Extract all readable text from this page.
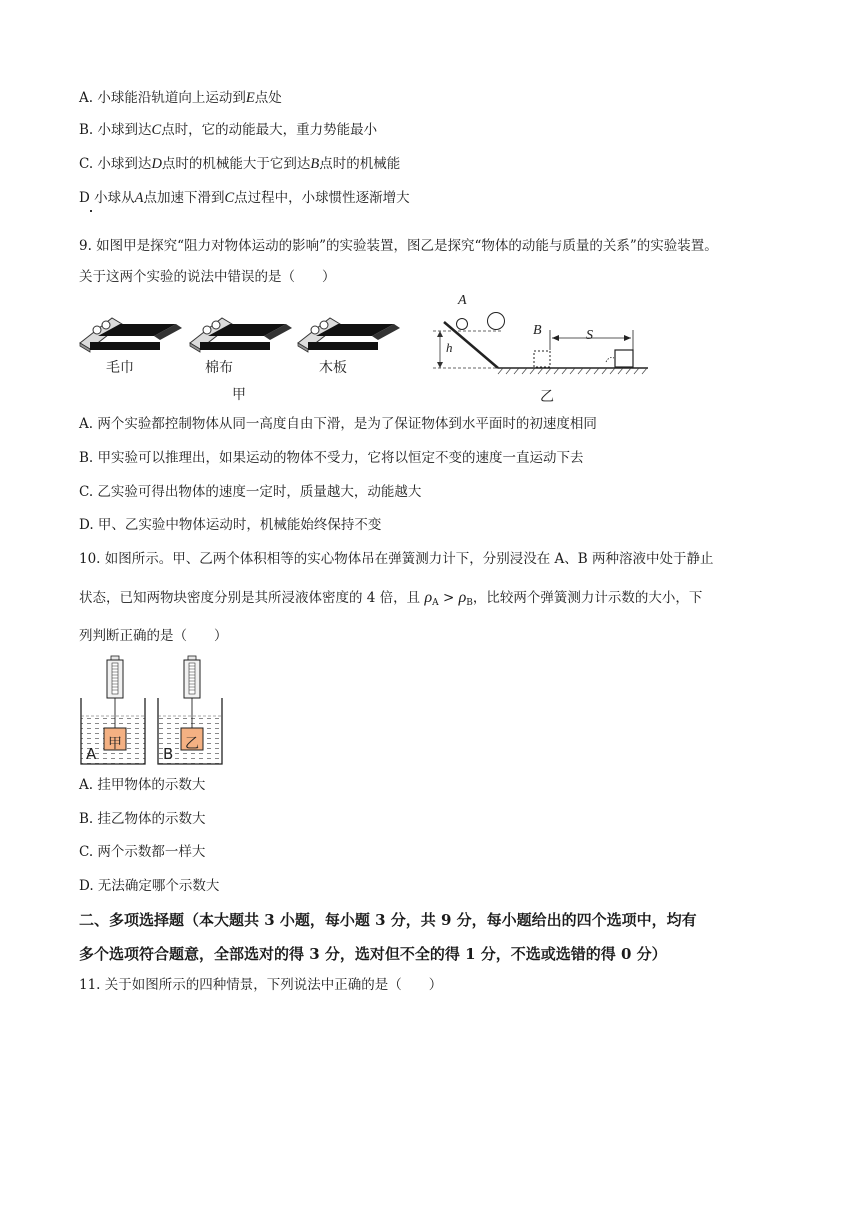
A. 小球能沿轨道向上运动到E点处
B. 小球到达C点时，它的动能最大，重力势能最小
C. 小球到达D点时的机械能大于它到达B点时的机械能
D 小球从A点加速下滑到C点过程中，小球惯性逐渐增大
9. 如图甲是探究“阻力对物体运动的影响”的实验装置，图乙是探究“物体的动能与质量的关系”的实验装置。
关于这两个实验的说法中错误的是（　　）
毛巾	棉布	木板
甲
A
h
B	S
乙
A. 两个实验都控制物体从同一高度自由下滑，是为了保证物体到水平面时的初速度相同
B. 甲实验可以推理出，如果运动的物体不受力，它将以恒定不变的速度一直运动下去
C. 乙实验可得出物体的速度一定时，质量越大，动能越大
D. 甲、乙实验中物体运动时，机械能始终保持不变
10. 如图所示。甲、乙两个体积相等的实心物体吊在弹簧测力计下，分别浸没在 A、B 两种溶液中处于静止
状态，已知两物块密度分别是其所浸液体密度的 4 倍，且 $\rho_A > \rho_B$，比较两个弹簧测力计示数的大小，下
列判断正确的是（　　）
A	B
甲	乙
A. 挂甲物体的示数大
B. 挂乙物体的示数大
C. 两个示数都一样大
D. 无法确定哪个示数大
二、多项选择题（本大题共 3 小题，每小题 3 分，共 9 分，每小题给出的四个选项中，均有
多个选项符合题意，全部选对的得 3 分，选对但不全的得 1 分，不选或选错的得 0 分）
11. 关于如图所示的四种情景，下列说法中正确的是（　　）
